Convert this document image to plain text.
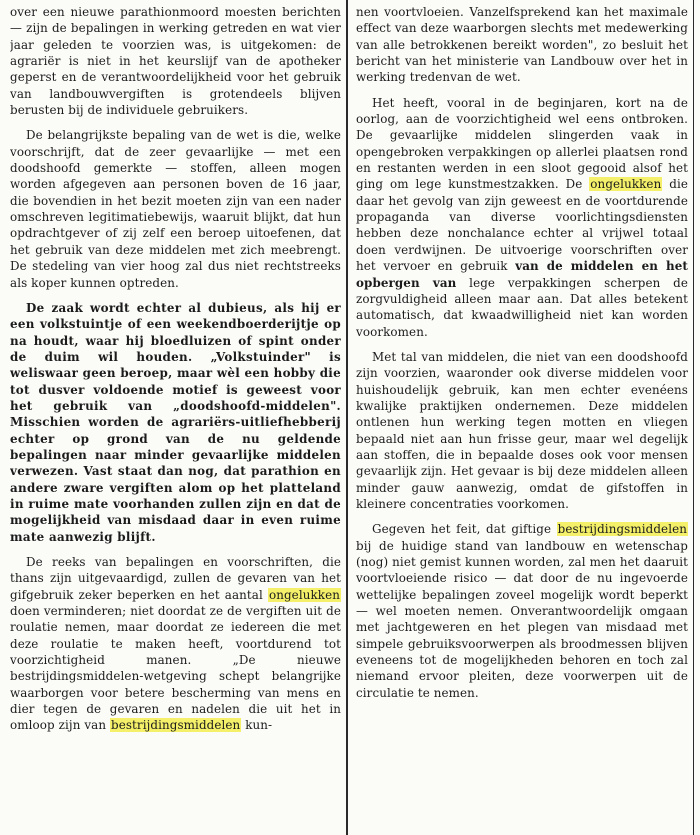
over een nieuwe parathionmoord moesten berichten — zijn de bepalingen in werking getreden en wat vier jaar geleden te voorzien was, is uitgekomen: de agrariër is niet in het keurslijf van de apotheker geperst en de verantwoordelijkheid voor het gebruik van landbouwvergiften is grotendeels blijven berusten bij de individuele gebruikers.

De belangrijkste bepaling van de wet is die, welke voorschrijft, dat de zeer gevaarlijke — met een doodshoofd gemerkte — stoffen, alleen mogen worden afgegeven aan personen boven de 16 jaar, die bovendien in het bezit moeten zijn van een nader omschreven legitimatiebewijs, waaruit blijkt, dat hun opdrachtgever of zij zelf een beroep uitoefenen, dat het gebruik van deze middelen met zich meebrengt. De stedeling van vier hoog zal dus niet rechtstreeks als koper kunnen optreden.

De zaak wordt echter al dubieus, als hij er een volkstuintje of een weekendboerderijtje op na houdt, waar hij bloedluizen of spint onder de duim wil houden. „Volkstuinder" is weliswaar geen beroep, maar wèl een hobby die tot dusver voldoende motief is geweest voor het gebruik van „doodshoofd-middelen". Misschien worden de agrariërs-uitliefhebberij echter op grond van de nu geldende bepalingen naar minder gevaarlijke middelen verwezen. Vast staat dan nog, dat parathion en andere zware vergiften alom op het platteland in ruime mate voorhanden zullen zijn en dat de mogelijkheid van misdaad daar in even ruime mate aanwezig blijft.

De reeks van bepalingen en voorschriften, die thans zijn uitgevaardigd, zullen de gevaren van het gifgebruik zeker beperken en het aantal ongelukken doen verminderen; niet doordat ze de vergiften uit de roulatie nemen, maar doordat ze iedereen die met deze roulatie te maken heeft, voortdurend tot voorzichtigheid manen. „De nieuwe bestrijdingsmiddelen-wetgeving schept belangrijke waarborgen voor betere bescherming van mens en dier tegen de gevaren en nadelen die uit het in omloop zijn van bestrijdingsmiddelen kun-

nen voortvloeien. Vanzelfsprekend kan het maximale effect van deze waarborgen slechts met medewerking van alle betrokkenen bereikt worden", zo besluit het bericht van het ministerie van Landbouw over het in werking tredenvan de wet.

Het heeft, vooral in de beginjaren, kort na de oorlog, aan de voorzichtigheid wel eens ontbroken. De gevaarlijke middelen slingerden vaak in opengebroken verpakkingen op allerlei plaatsen rond en restanten werden in een sloot gegooid alsof het ging om lege kunstmestzakken. De ongelukken die daar het gevolg van zijn geweest en de voortdurende propaganda van diverse voorlichtingsdiensten hebben deze nonchalance echter al vrijwel totaal doen verdwijnen. De uitvoerige voorschriften over het vervoer en gebruik van de middelen en het opbergen van lege verpakkingen scherpen de zorgvuldigheid alleen maar aan. Dat alles betekent automatisch, dat kwaadwilligheid niet kan worden voorkomen.

Met tal van middelen, die niet van een doodshoofd zijn voorzien, waaronder ook diverse middelen voor huishoudelijk gebruik, kan men echter evenéens kwalijke praktijken ondernemen. Deze middelen ontlenen hun werking tegen motten en vliegen bepaald niet aan hun frisse geur, maar wel degelijk aan stoffen, die in bepaalde doses ook voor mensen gevaarlijk zijn. Het gevaar is bij deze middelen alleen minder gauw aanwezig, omdat de gifstoffen in kleinere concentraties voorkomen.

Gegeven het feit, dat giftige bestrijdingsmiddelen bij de huidige stand van landbouw en wetenschap (nog) niet gemist kunnen worden, zal men het daaruit voortvloeiende risico — dat door de nu ingevoerde wettelijke bepalingen zoveel mogelijk wordt beperkt — wel moeten nemen. Onverantwoordelijk omgaan met jachtgeweren en het plegen van misdaad met simpele gebruiksvoorwerpen als broodmessen blijven eveneens tot de mogelijkheden behoren en toch zal niemand ervoor pleiten, deze voorwerpen uit de circulatie te nemen.
